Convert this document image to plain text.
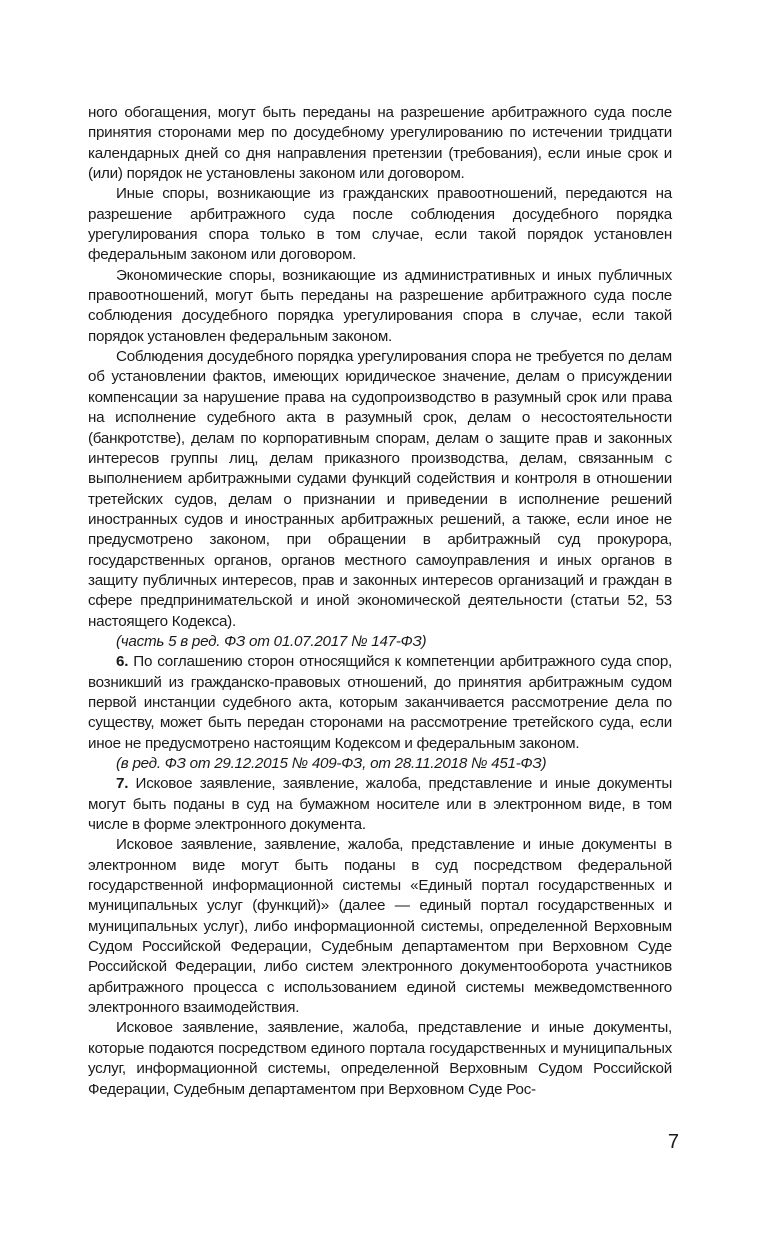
ного обогащения, могут быть переданы на разрешение арбитражного суда после принятия сторонами мер по досудебному урегулированию по истечении тридцати календарных дней со дня направления претензии (требования), если иные срок и (или) порядок не установлены законом или договором.

Иные споры, возникающие из гражданских правоотношений, передаются на разрешение арбитражного суда после соблюдения досудебного порядка урегулирования спора только в том случае, если такой порядок установлен федеральным законом или договором.

Экономические споры, возникающие из административных и иных публичных правоотношений, могут быть переданы на разрешение арбитражного суда после соблюдения досудебного порядка урегулирования спора в случае, если такой порядок установлен федеральным законом.

Соблюдения досудебного порядка урегулирования спора не требуется по делам об установлении фактов, имеющих юридическое значение, делам о присуждении компенсации за нарушение права на судопроизводство в разумный срок или права на исполнение судебного акта в разумный срок, делам о несостоятельности (банкротстве), делам по корпоративным спорам, делам о защите прав и законных интересов группы лиц, делам приказного производства, делам, связанным с выполнением арбитражными судами функций содействия и контроля в отношении третейских судов, делам о признании и приведении в исполнение решений иностранных судов и иностранных арбитражных решений, а также, если иное не предусмотрено законом, при обращении в арбитражный суд прокурора, государственных органов, органов местного самоуправления и иных органов в защиту публичных интересов, прав и законных интересов организаций и граждан в сфере предпринимательской и иной экономической деятельности (статьи 52, 53 настоящего Кодекса).

(часть 5 в ред. ФЗ от 01.07.2017 № 147-ФЗ)

6. По соглашению сторон относящийся к компетенции арбитражного суда спор, возникший из гражданско-правовых отношений, до принятия арбитражным судом первой инстанции судебного акта, которым заканчивается рассмотрение дела по существу, может быть передан сторонами на рассмотрение третейского суда, если иное не предусмотрено настоящим Кодексом и федеральным законом.

(в ред. ФЗ от 29.12.2015 № 409-ФЗ, от 28.11.2018 № 451-ФЗ)

7. Исковое заявление, заявление, жалоба, представление и иные документы могут быть поданы в суд на бумажном носителе или в электронном виде, в том числе в форме электронного документа.

Исковое заявление, заявление, жалоба, представление и иные документы в электронном виде могут быть поданы в суд посредством федеральной государственной информационной системы «Единый портал государственных и муниципальных услуг (функций)» (далее — единый портал государственных и муниципальных услуг), либо информационной системы, определенной Верховным Судом Российской Федерации, Судебным департаментом при Верховном Суде Российской Федерации, либо систем электронного документооборота участников арбитражного процесса с использованием единой системы межведомственного электронного взаимодействия.

Исковое заявление, заявление, жалоба, представление и иные документы, которые подаются посредством единого портала государственных и муниципальных услуг, информационной системы, определенной Верховным Судом Российской Федерации, Судебным департаментом при Верховном Суде Рос-

7
